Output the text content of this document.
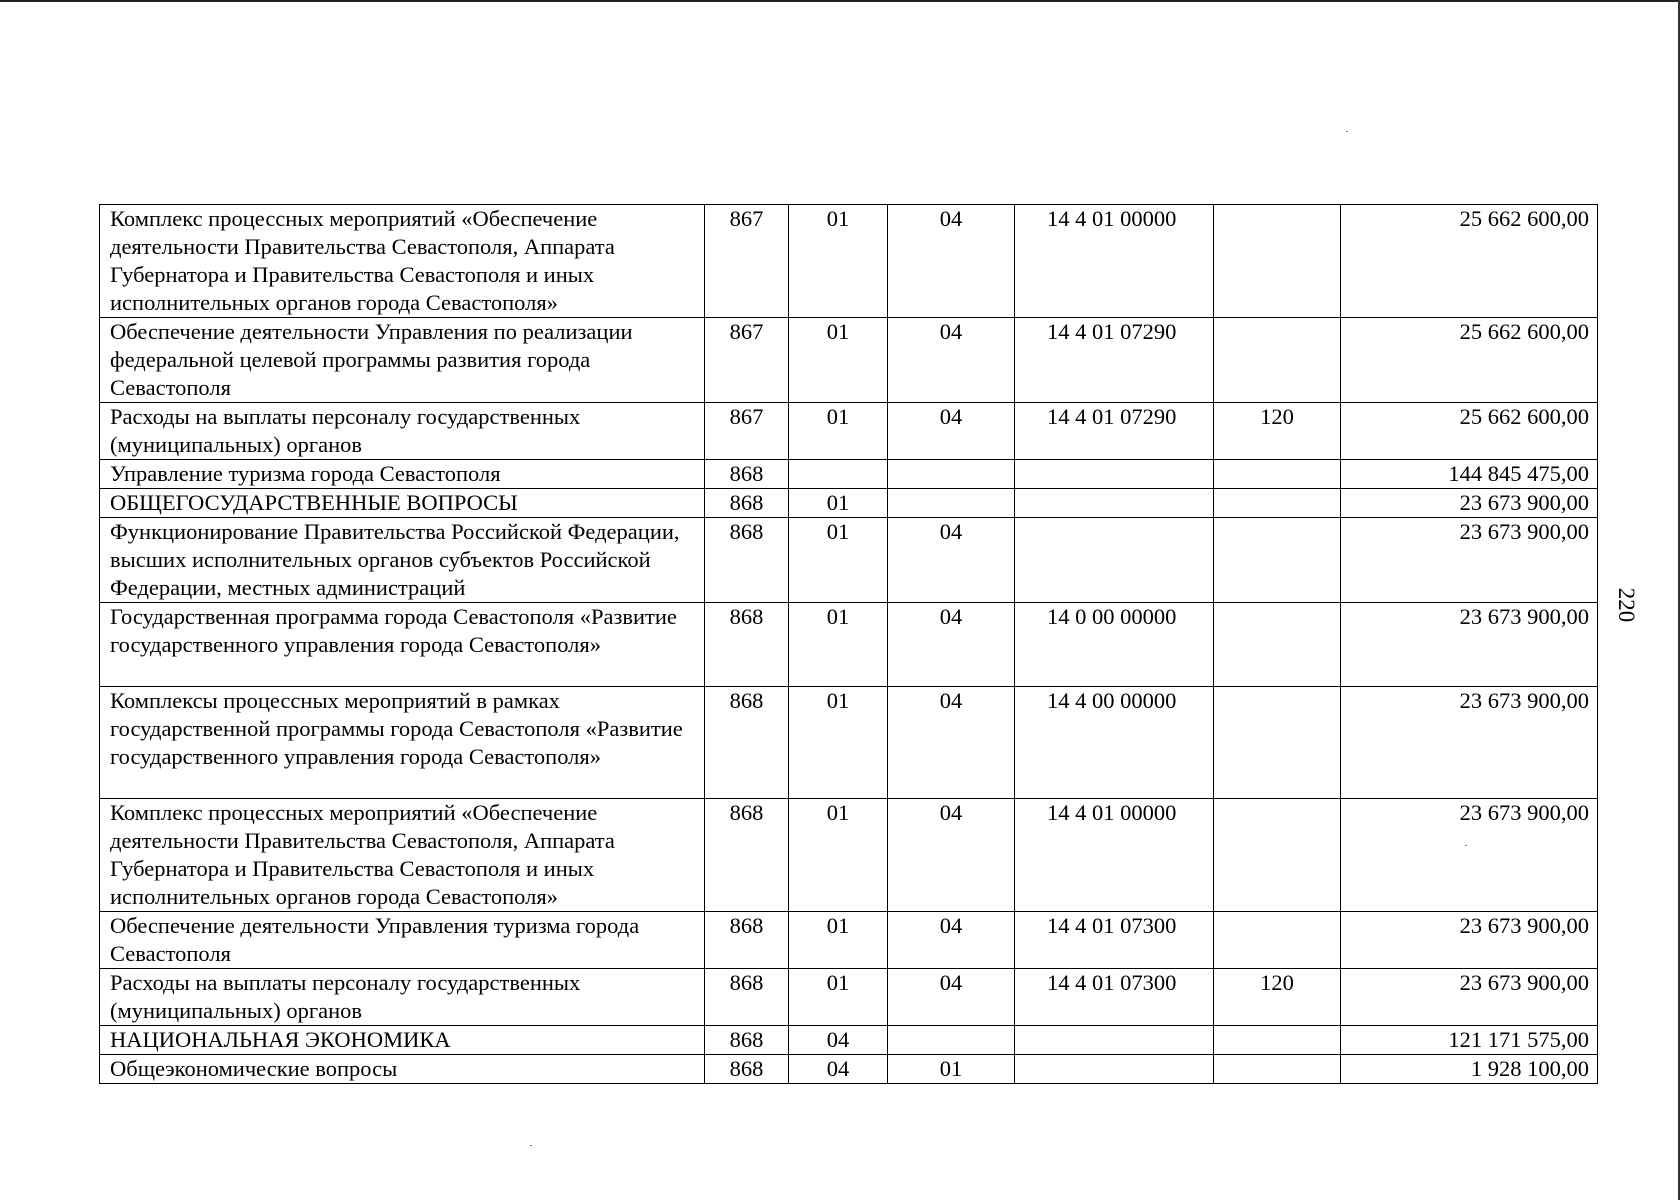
Комплекс процессных мероприятий «Обеспечение деятельности Правительства Севастополя, Аппарата Губернатора и Правительства Севастополя и иных исполнительных органов города Севастополя»	867	01	04	14 4 01 00000		25 662 600,00
Обеспечение деятельности Управления по реализации федеральной целевой программы развития города Севастополя	867	01	04	14 4 01 07290		25 662 600,00
Расходы на выплаты персоналу государственных (муниципальных) органов	867	01	04	14 4 01 07290	120	25 662 600,00
Управление туризма города Севастополя	868					144 845 475,00
ОБЩЕГОСУДАРСТВЕННЫЕ ВОПРОСЫ	868	01				23 673 900,00
Функционирование Правительства Российской Федерации, высших исполнительных органов субъектов Российской Федерации, местных администраций	868	01	04			23 673 900,00
Государственная программа города Севастополя «Развитие государственного управления города Севастополя»	868	01	04	14 0 00 00000		23 673 900,00
Комплексы процессных мероприятий в рамках государственной программы города Севастополя «Развитие государственного управления города Севастополя»	868	01	04	14 4 00 00000		23 673 900,00
Комплекс процессных мероприятий «Обеспечение деятельности Правительства Севастополя, Аппарата Губернатора и Правительства Севастополя и иных исполнительных органов города Севастополя»	868	01	04	14 4 01 00000		23 673 900,00
Обеспечение деятельности Управления туризма города Севастополя	868	01	04	14 4 01 07300		23 673 900,00
Расходы на выплаты персоналу государственных (муниципальных) органов	868	01	04	14 4 01 07300	120	23 673 900,00
НАЦИОНАЛЬНАЯ ЭКОНОМИКА	868	04				121 171 575,00
Общеэкономические вопросы	868	04	01			1 928 100,00
220
